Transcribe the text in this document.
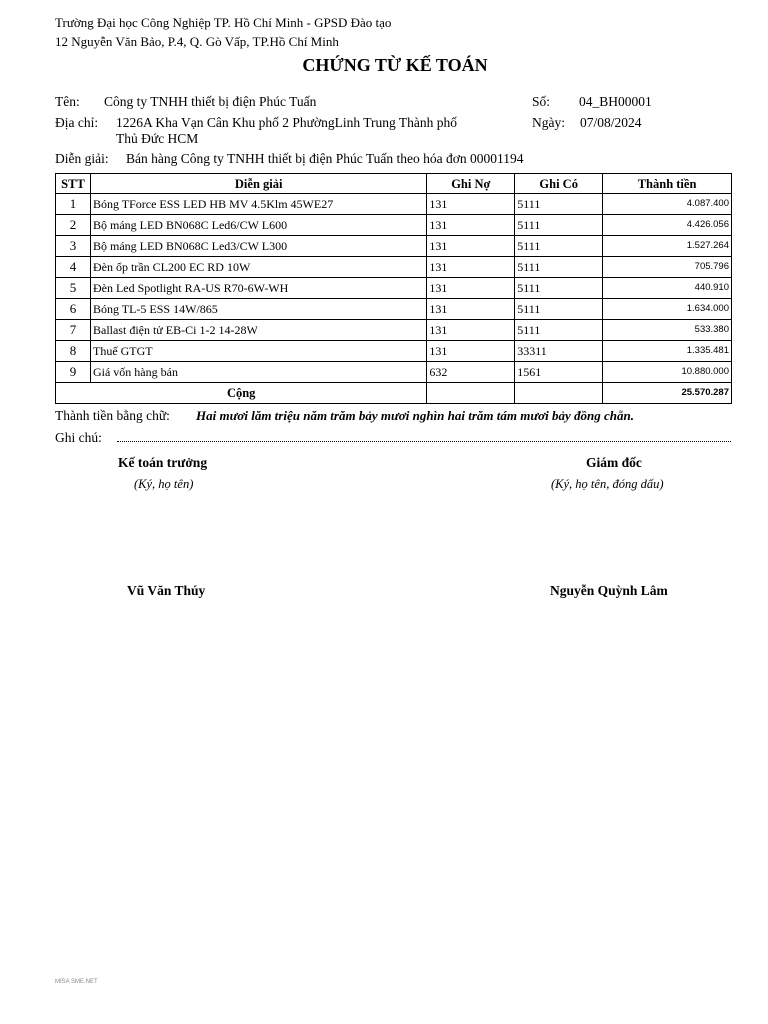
Trường Đại học Công Nghiệp TP. Hồ Chí Minh - GPSD Đào tạo
12 Nguyễn Văn Bảo, P.4, Q. Gò Vấp, TP.Hồ Chí Minh
CHỨNG TỪ KẾ TOÁN
Tên: Công ty TNHH thiết bị điện Phúc Tuấn	Số: 04_BH00001
Địa chỉ: 1226A Kha Vạn Cân Khu phố 2 PhườngLinh Trung Thành phố
Thủ Đức HCM
Ngày: 07/08/2024
Diễn giải: Bán hàng Công ty TNHH thiết bị điện Phúc Tuấn theo hóa đơn 00001194
STT	Diễn giải	Ghi Nợ	Ghi Có	Thành tiền
1	Bóng TForce ESS LED HB MV 4.5Klm 45WE27	131	5111	4.087.400
2	Bộ máng LED BN068C Led6/CW L600	131	5111	4.426.056
3	Bộ máng LED BN068C Led3/CW L300	131	5111	1.527.264
4	Đèn ốp trần CL200 EC RD 10W	131	5111	705.796
5	Đèn Led Spotlight RA-US R70-6W-WH	131	5111	440.910
6	Bóng TL-5 ESS 14W/865	131	5111	1.634.000
7	Ballast điện tử EB-Ci 1-2 14-28W	131	5111	533.380
8	Thuế GTGT	131	33311	1.335.481
9	Giá vốn hàng bán	632	1561	10.880.000
Cộng				25.570.287
Thành tiền bằng chữ: Hai mươi lăm triệu năm trăm bảy mươi nghìn hai trăm tám mươi bảy đồng chẵn.
Ghi chú:
Kế toán trưởng
(Ký, họ tên)
Vũ Văn Thúy
Giám đốc
(Ký, họ tên, đóng dấu)
Nguyễn Quỳnh Lâm
MISA SME.NET
